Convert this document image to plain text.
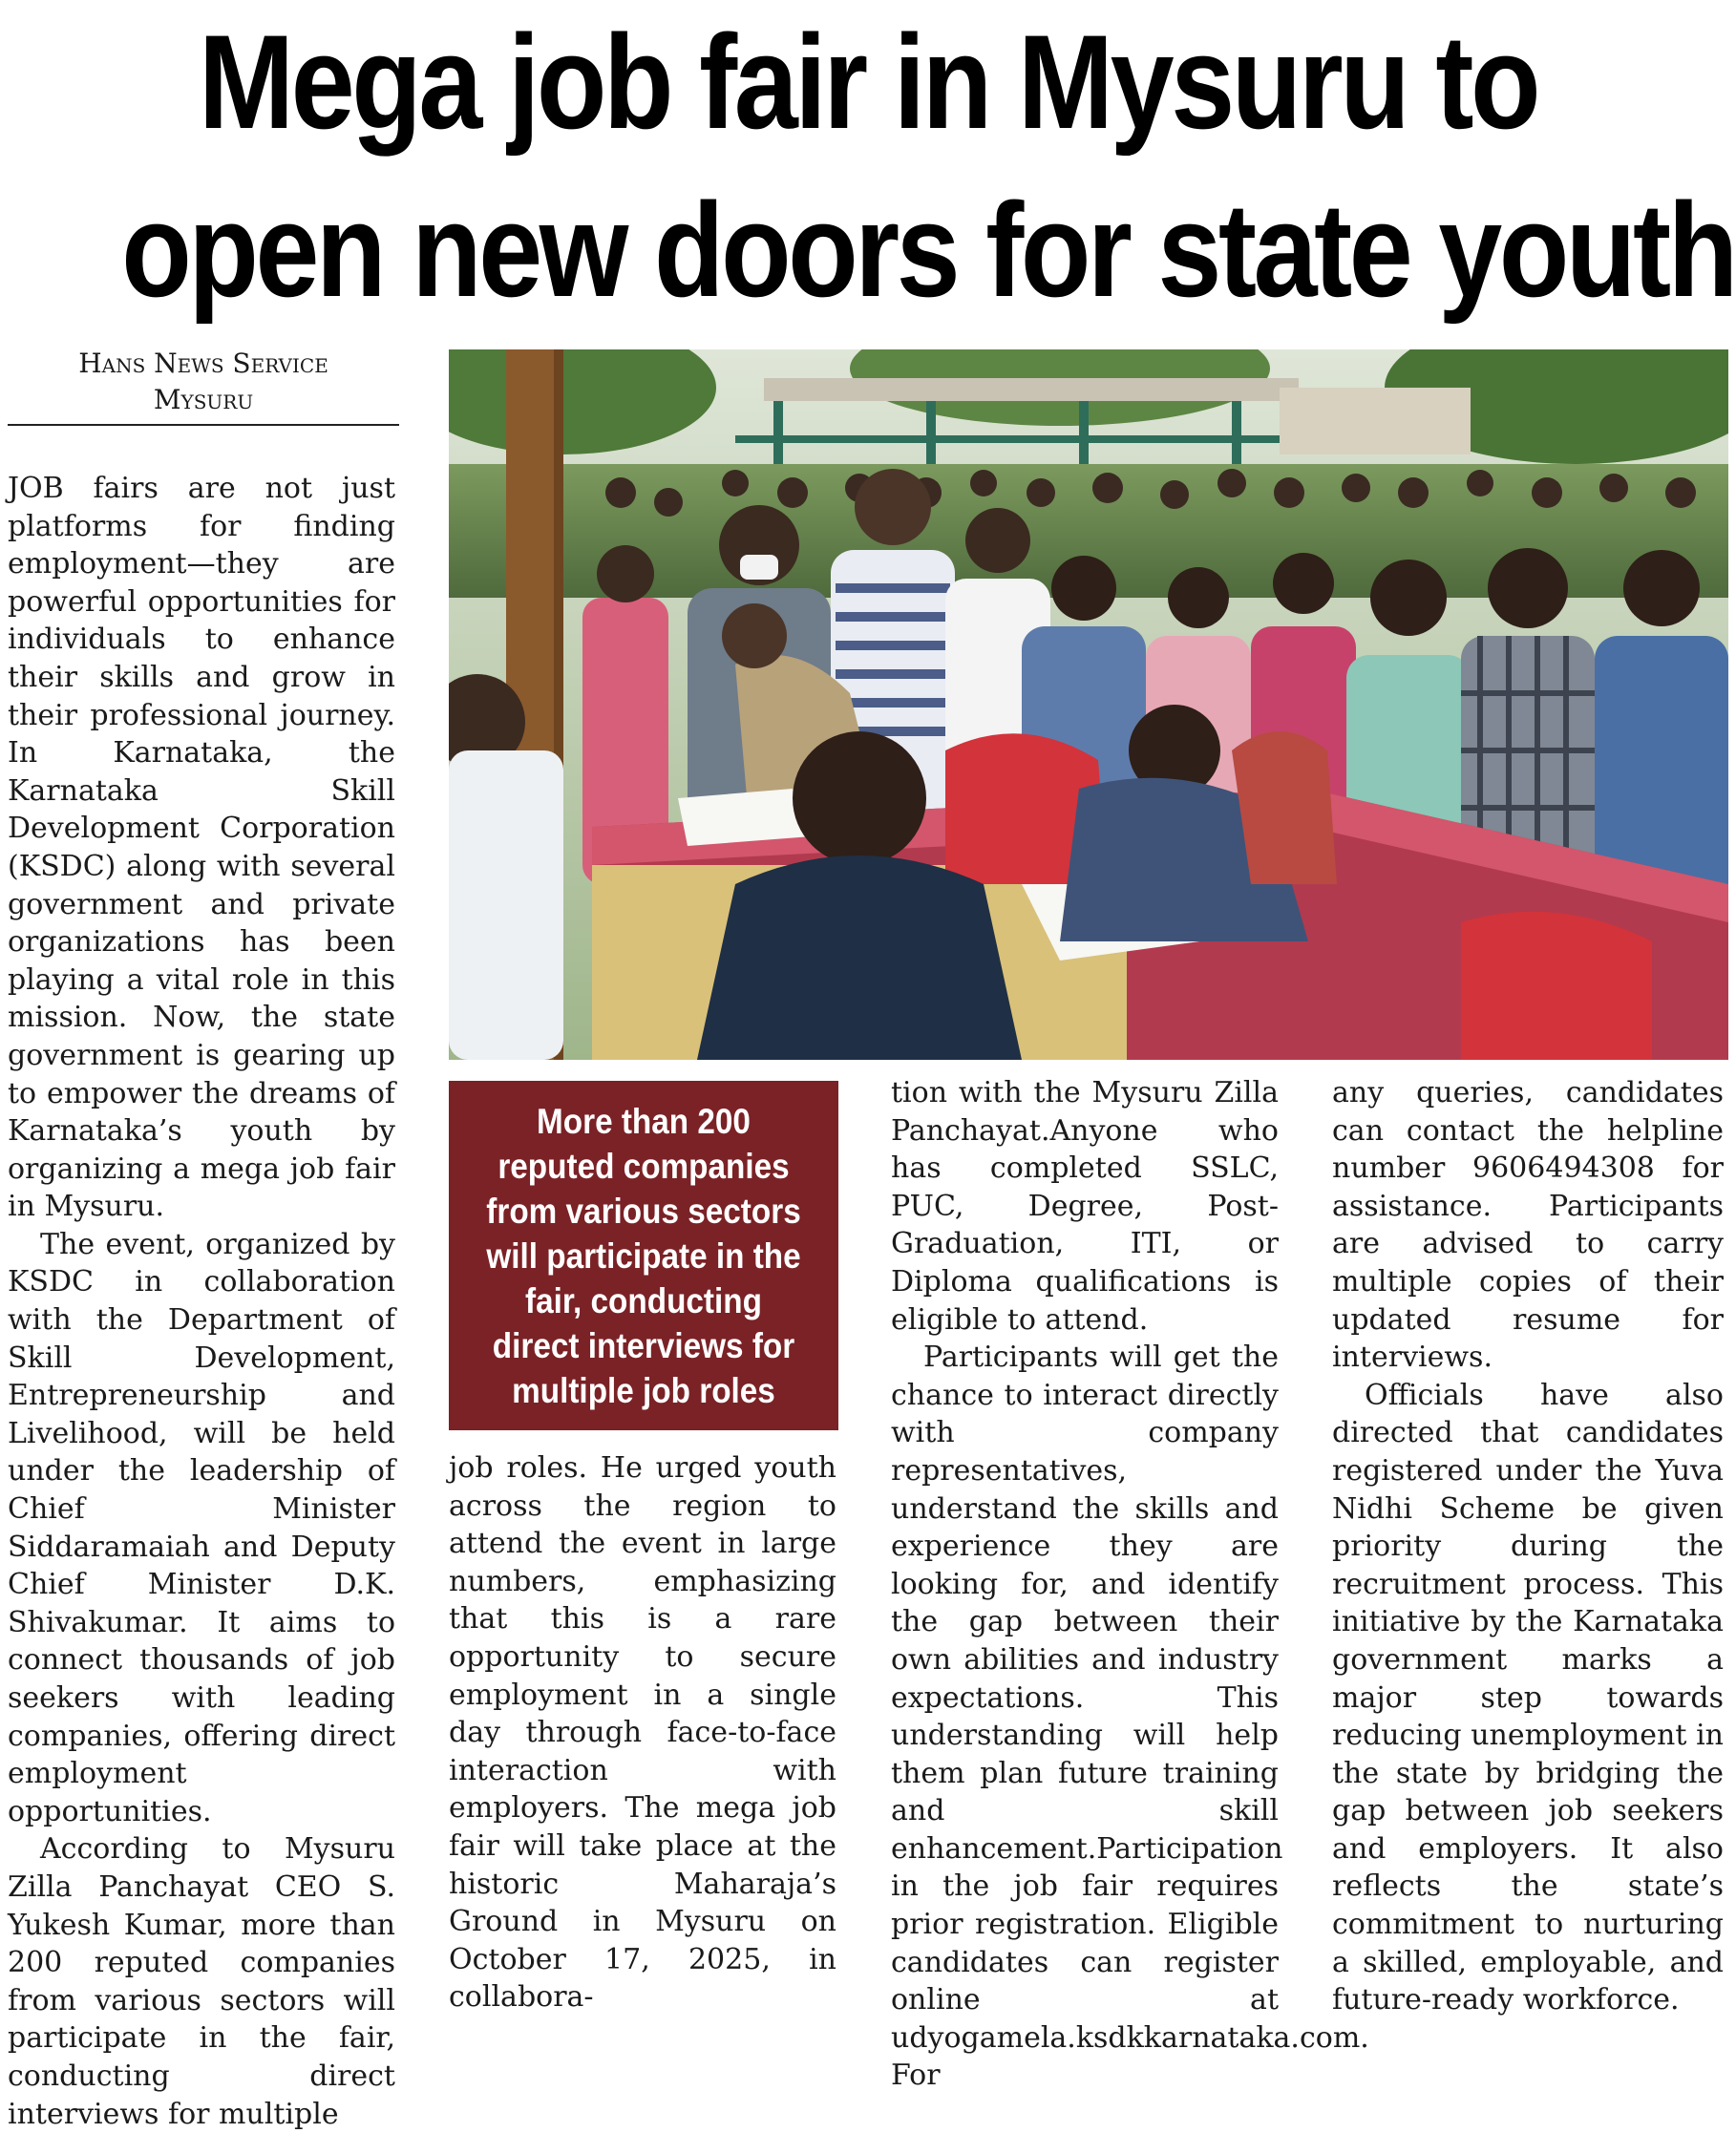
Mega job fair in Mysuru to
open new doors for state youth
Hans News Service
Mysuru

JOB fairs are not just platforms for finding employment—they are powerful opportunities for individuals to enhance their skills and grow in their professional journey. In Karnataka, the Karnataka Skill Development Corporation (KSDC) along with several government and private organizations has been playing a vital role in this mission. Now, the state government is gearing up to empower the dreams of Karnataka’s youth by organizing a mega job fair in Mysuru.

The event, organized by KSDC in collaboration with the Department of Skill Development, Entrepreneurship and Livelihood, will be held under the leadership of Chief Minister Siddaramaiah and Deputy Chief Minister D.K. Shivakumar. It aims to connect thousands of job seekers with leading companies, offering direct employment opportunities.

According to Mysuru Zilla Panchayat CEO S. Yukesh Kumar, more than 200 reputed companies from various sectors will participate in the fair, conducting direct interviews for multiple

More than 200 reputed companies from various sectors will participate in the fair, conducting direct interviews for multiple job roles

job roles. He urged youth across the region to attend the event in large numbers, emphasizing that this is a rare opportunity to secure employment in a single day through face-to-face interaction with employers. The mega job fair will take place at the historic Maharaja’s Ground in Mysuru on October 17, 2025, in collabora-

tion with the Mysuru Zilla Panchayat.Anyone who has completed SSLC, PUC, Degree, Post-Graduation, ITI, or Diploma qualifications is eligible to attend.

Participants will get the chance to interact directly with company representatives, understand the skills and experience they are looking for, and identify the gap between their own abilities and industry expectations. This understanding will help them plan future training and skill enhancement.Participation in the job fair requires prior registration. Eligible candidates can register online at udyogamela.ksdkkarnataka.com. For

any queries, candidates can contact the helpline number 9606494308 for assistance. Participants are advised to carry multiple copies of their updated resume for interviews.

Officials have also directed that candidates registered under the Yuva Nidhi Scheme be given priority during the recruitment process. This initiative by the Karnataka government marks a major step towards reducing unemployment in the state by bridging the gap between job seekers and employers. It also reflects the state’s commitment to nurturing a skilled, employable, and future-ready workforce.
